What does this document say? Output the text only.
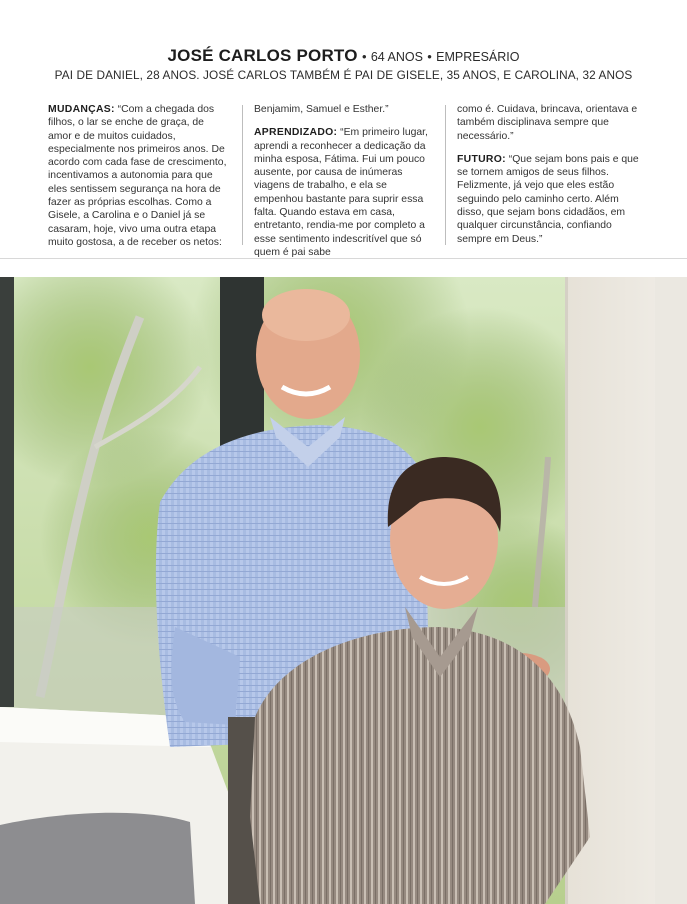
JOSÉ CARLOS PORTO • 64 ANOS • EMPRESÁRIO
PAI DE DANIEL, 28 ANOS. JOSÉ CARLOS TAMBÉM É PAI DE GISELE, 35 ANOS, E CAROLINA, 32 ANOS

MUDANÇAS: “Com a chegada dos filhos, o lar se enche de graça, de amor e de muitos cuidados, especialmente nos primeiros anos. De acordo com cada fase de crescimento, incentivamos a autonomia para que eles sentissem segurança na hora de fazer as próprias escolhas. Como a Gisele, a Carolina e o Daniel já se casaram, hoje, vivo uma outra etapa muito gostosa, a de receber os netos:

Benjamim, Samuel e Esther.”

APRENDIZADO: “Em primeiro lugar, aprendi a reconhecer a dedicação da minha esposa, Fátima. Fui um pouco ausente, por causa de inúmeras viagens de trabalho, e ela se empenhou bastante para suprir essa falta. Quando estava em casa, entretanto, rendia-me por completo a esse sentimento indescritível que só quem é pai sabe

como é. Cuidava, brincava, orientava e também disciplinava sempre que necessário.”

FUTURO: “Que sejam bons pais e que se tornem amigos de seus filhos. Felizmente, já vejo que eles estão seguindo pelo caminho certo. Além disso, que sejam bons cidadãos, em qualquer circunstância, confiando sempre em Deus.”
